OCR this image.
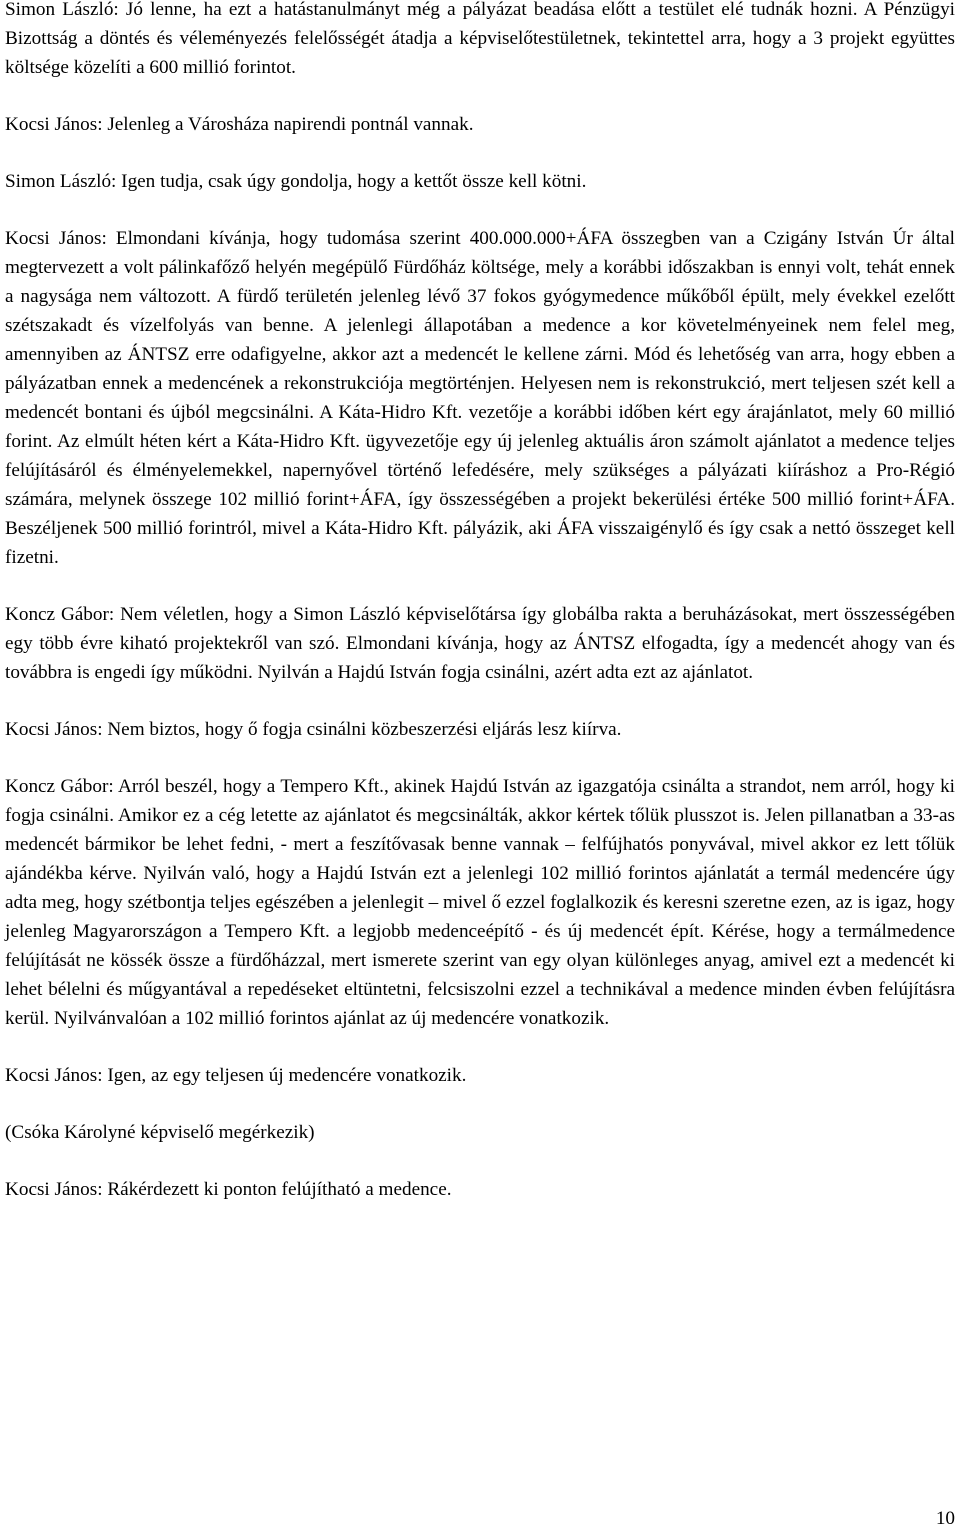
Simon László: Jó lenne, ha ezt a hatástanulmányt még a pályázat beadása előtt a testület elé tudnák hozni. A Pénzügyi Bizottság a döntés és véleményezés felelősségét átadja a képviselőtestületnek, tekintettel arra, hogy a 3 projekt együttes költsége közelíti a 600 millió forintot.

Kocsi János: Jelenleg a Városháza napirendi pontnál vannak.

Simon László: Igen tudja, csak úgy gondolja, hogy a kettőt össze kell kötni.

Kocsi János: Elmondani kívánja, hogy tudomása szerint 400.000.000+ÁFA összegben van a Czigány István Úr által megtervezett a volt pálinkafőző helyén megépülő Fürdőház költsége, mely a korábbi időszakban is ennyi volt, tehát ennek a nagysága nem változott. A fürdő területén jelenleg lévő 37 fokos gyógymedence műkőből épült, mely évekkel ezelőtt szétszakadt és vízelfolyás van benne. A jelenlegi állapotában a medence a kor követelményeinek nem felel meg, amennyiben az ÁNTSZ erre odafigyelne, akkor azt a medencét le kellene zárni. Mód és lehetőség van arra, hogy ebben a pályázatban ennek a medencének a rekonstrukciója megtörténjen. Helyesen nem is rekonstrukció, mert teljesen szét kell a medencét bontani és újból megcsinálni. A Káta-Hidro Kft. vezetője a korábbi időben kért egy árajánlatot, mely 60 millió forint. Az elmúlt héten kért a Káta-Hidro Kft. ügyvezetője egy új jelenleg aktuális áron számolt ajánlatot a medence teljes felújításáról és élményelemekkel, napernyővel történő lefedésére, mely szükséges a pályázati kiíráshoz a Pro-Régió számára, melynek összege 102 millió forint+ÁFA, így összességében a projekt bekerülési értéke 500 millió forint+ÁFA. Beszéljenek 500 millió forintról, mivel a Káta-Hidro Kft. pályázik, aki ÁFA visszaigénylő és így csak a nettó összeget kell fizetni.

Koncz Gábor: Nem véletlen, hogy a Simon László képviselőtársa így globálba rakta a beruházásokat, mert összességében egy több évre kiható projektekről van szó. Elmondani kívánja, hogy az ÁNTSZ elfogadta, így a medencét ahogy van és továbbra is engedi így működni. Nyilván a Hajdú István fogja csinálni, azért adta ezt az ajánlatot.

Kocsi János: Nem biztos, hogy ő fogja csinálni közbeszerzési eljárás lesz kiírva.

Koncz Gábor: Arról beszél, hogy a Tempero Kft., akinek Hajdú István az igazgatója csinálta a strandot, nem arról, hogy ki fogja csinálni. Amikor ez a cég letette az ajánlatot és megcsinálták, akkor kértek tőlük plusszot is. Jelen pillanatban a 33-as medencét bármikor be lehet fedni, - mert a feszítővasak benne vannak – felfújhatós ponyvával, mivel akkor ez lett tőlük ajándékba kérve. Nyilván való, hogy a Hajdú István ezt a jelenlegi 102 millió forintos ajánlatát a termál medencére úgy adta meg, hogy szétbontja teljes egészében a jelenlegit – mivel ő ezzel foglalkozik és keresni szeretne ezen, az is igaz, hogy jelenleg Magyarországon a Tempero Kft. a legjobb medenceépítő - és új medencét épít. Kérése, hogy a termálmedence felújítását ne kössék össze a fürdőházzal, mert ismerete szerint van egy olyan különleges anyag, amivel ezt a medencét ki lehet bélelni és műgyantával a repedéseket eltüntetni, felcsiszolni ezzel a technikával a medence minden évben felújításra kerül. Nyilvánvalóan a 102 millió forintos ajánlat az új medencére vonatkozik.

Kocsi János: Igen, az egy teljesen új medencére vonatkozik.

(Csóka Károlyné képviselő megérkezik)

Kocsi János: Rákérdezett ki ponton felújítható a medence.

10
